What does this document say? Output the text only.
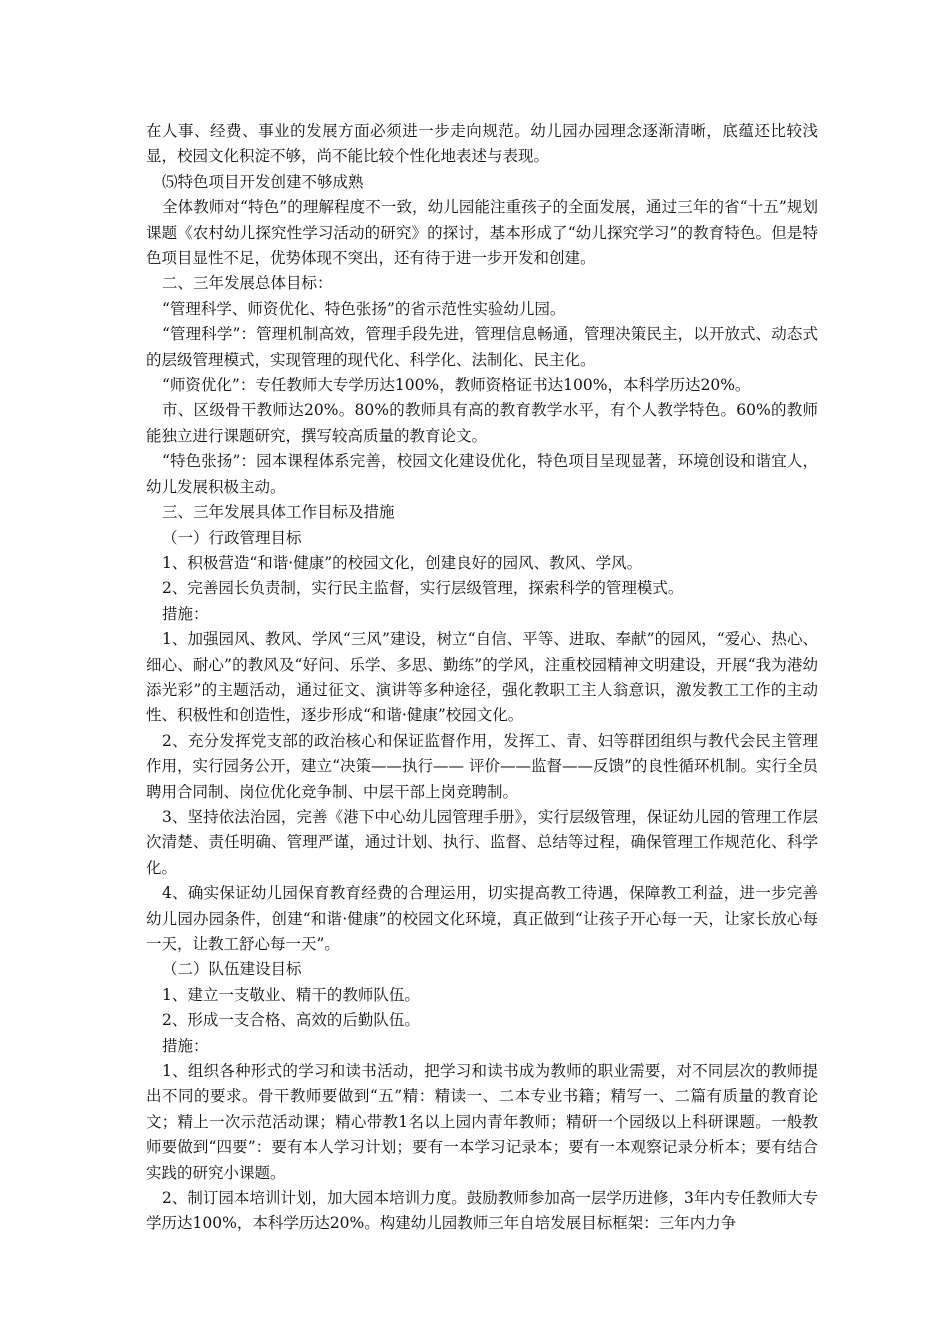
在人事、经费、事业的发展方面必须进一步走向规范。幼儿园办园理念逐渐清晰，底蕴还比较浅显，校园文化积淀不够，尚不能比较个性化地表述与表现。

⑸特色项目开发创建不够成熟

全体教师对“特色”的理解程度不一致，幼儿园能注重孩子的全面发展，通过三年的省“十五”规划课题《农村幼儿探究性学习活动的研究》的探讨，基本形成了“幼儿探究学习”的教育特色。但是特色项目显性不足，优势体现不突出，还有待于进一步开发和创建。

二、三年发展总体目标：

“管理科学、师资优化、特色张扬”的省示范性实验幼儿园。

“管理科学”：管理机制高效，管理手段先进，管理信息畅通，管理决策民主，以开放式、动态式的层级管理模式，实现管理的现代化、科学化、法制化、民主化。

“师资优化”：专任教师大专学历达100%，教师资格证书达100%，本科学历达20%。

市、区级骨干教师达20%。80%的教师具有高的教育教学水平，有个人教学特色。60%的教师能独立进行课题研究，撰写较高质量的教育论文。

“特色张扬”：园本课程体系完善，校园文化建设优化，特色项目呈现显著，环境创设和谐宜人，幼儿发展积极主动。

三、三年发展具体工作目标及措施

（一）行政管理目标

1、积极营造“和谐·健康”的校园文化，创建良好的园风、教风、学风。

2、完善园长负责制，实行民主监督，实行层级管理，探索科学的管理模式。

措施：

1、加强园风、教风、学风“三风”建设，树立“自信、平等、进取、奉献”的园风，“爱心、热心、细心、耐心”的教风及“好问、乐学、多思、勤练”的学风，注重校园精神文明建设，开展“我为港幼添光彩”的主题活动，通过征文、演讲等多种途径，强化教职工主人翁意识，激发教工工作的主动性、积极性和创造性，逐步形成“和谐·健康”校园文化。

2、充分发挥党支部的政治核心和保证监督作用，发挥工、青、妇等群团组织与教代会民主管理作用，实行园务公开，建立“决策——执行—— 评价——监督——反馈”的良性循环机制。实行全员聘用合同制、岗位优化竞争制、中层干部上岗竞聘制。

3、坚持依法治园，完善《港下中心幼儿园管理手册》，实行层级管理，保证幼儿园的管理工作层次清楚、责任明确、管理严谨，通过计划、执行、监督、总结等过程，确保管理工作规范化、科学化。

4、确实保证幼儿园保育教育经费的合理运用，切实提高教工待遇，保障教工利益，进一步完善幼儿园办园条件，创建“和谐·健康”的校园文化环境，真正做到“让孩子开心每一天，让家长放心每一天，让教工舒心每一天”。

（二）队伍建设目标

1、建立一支敬业、精干的教师队伍。

2、形成一支合格、高效的后勤队伍。

措施：

1、组织各种形式的学习和读书活动，把学习和读书成为教师的职业需要，对不同层次的教师提出不同的要求。骨干教师要做到“五”精：精读一、二本专业书籍；精写一、二篇有质量的教育论文；精上一次示范活动课；精心带教1名以上园内青年教师；精研一个园级以上科研课题。一般教师要做到“四要”：要有本人学习计划；要有一本学习记录本；要有一本观察记录分析本；要有结合实践的研究小课题。

2、制订园本培训计划，加大园本培训力度。鼓励教师参加高一层学历进修，3年内专任教师大专学历达100%，本科学历达20%。构建幼儿园教师三年自培发展目标框架：三年内力争
